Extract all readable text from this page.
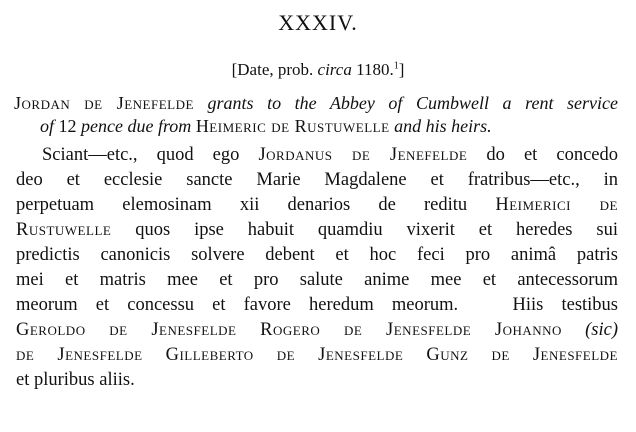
XXXIV.
[Date, prob. circa 1180.$^1$]
Jordan de Jenefelde grants to the Abbey of Cumbwell a rent service
of 12 pence due from Heimeric de Rustuwelle and his heirs.
Sciant—etc., quod ego Jordanus de Jenefelde do et concedo
deo et ecclesie sancte Marie Magdalene et fratribus—etc., in
perpetuam elemosinam xii denarios de reditu Heimerici de
Rustuwelle quos ipse habuit quamdiu vixerit et heredes sui
predictis canonicis solvere debent et hoc feci pro animâ patris
mei et matris mee et pro salute anime mee et antecessorum
meorum et concessu et favore heredum meorum.   Hiis testibus
Geroldo de Jenesfelde Rogero de Jenesfelde Johanno (sic)
de Jenesfelde Gilleberto de Jenesfelde Gunz de Jenesfelde
et pluribus aliis.
